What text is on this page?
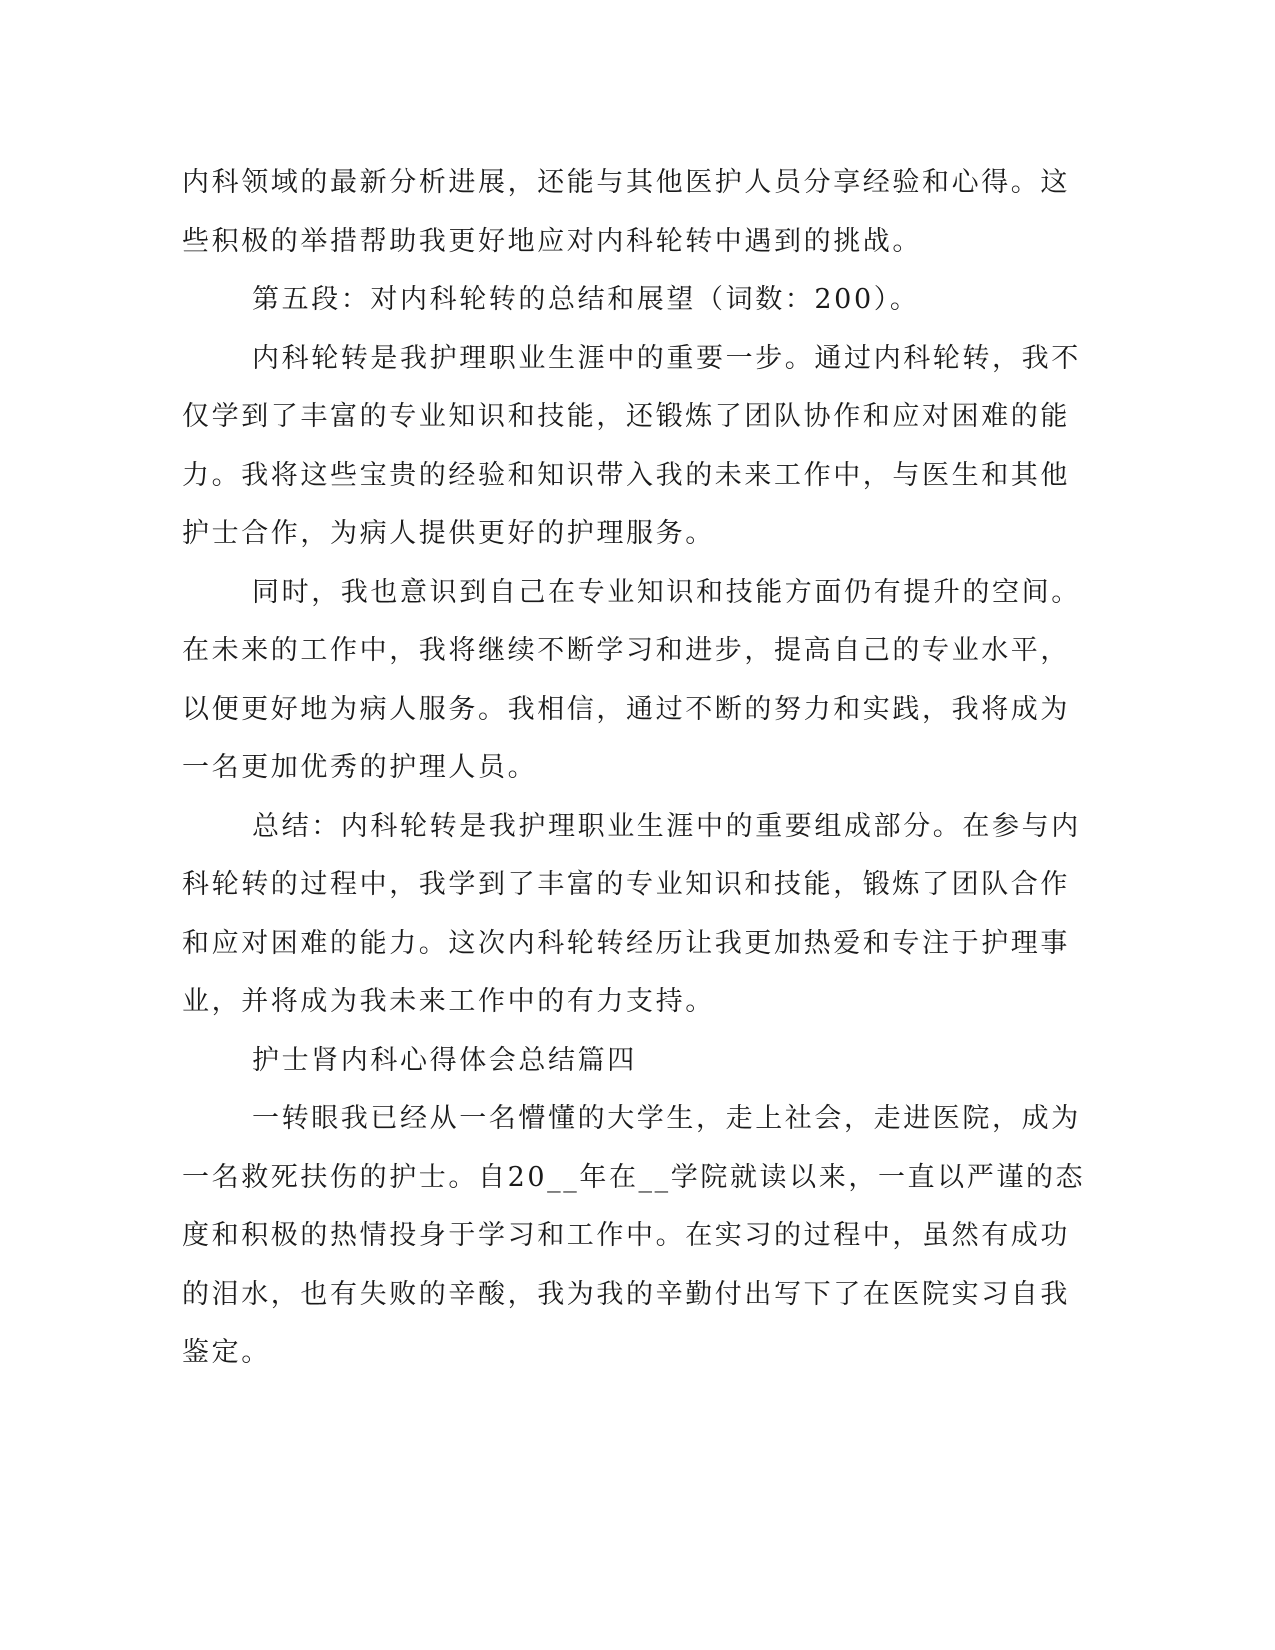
内科领域的最新分析进展，还能与其他医护人员分享经验和心得。这
些积极的举措帮助我更好地应对内科轮转中遇到的挑战。
第五段：对内科轮转的总结和展望（词数：200）。
内科轮转是我护理职业生涯中的重要一步。通过内科轮转，我不
仅学到了丰富的专业知识和技能，还锻炼了团队协作和应对困难的能
力。我将这些宝贵的经验和知识带入我的未来工作中，与医生和其他
护士合作，为病人提供更好的护理服务。
同时，我也意识到自己在专业知识和技能方面仍有提升的空间。
在未来的工作中，我将继续不断学习和进步，提高自己的专业水平，
以便更好地为病人服务。我相信，通过不断的努力和实践，我将成为
一名更加优秀的护理人员。
总结：内科轮转是我护理职业生涯中的重要组成部分。在参与内
科轮转的过程中，我学到了丰富的专业知识和技能，锻炼了团队合作
和应对困难的能力。这次内科轮转经历让我更加热爱和专注于护理事
业，并将成为我未来工作中的有力支持。
护士肾内科心得体会总结篇四
一转眼我已经从一名懵懂的大学生，走上社会，走进医院，成为
一名救死扶伤的护士。自20__年在__学院就读以来，一直以严谨的态
度和积极的热情投身于学习和工作中。在实习的过程中，虽然有成功
的泪水，也有失败的辛酸，我为我的辛勤付出写下了在医院实习自我
鉴定。
